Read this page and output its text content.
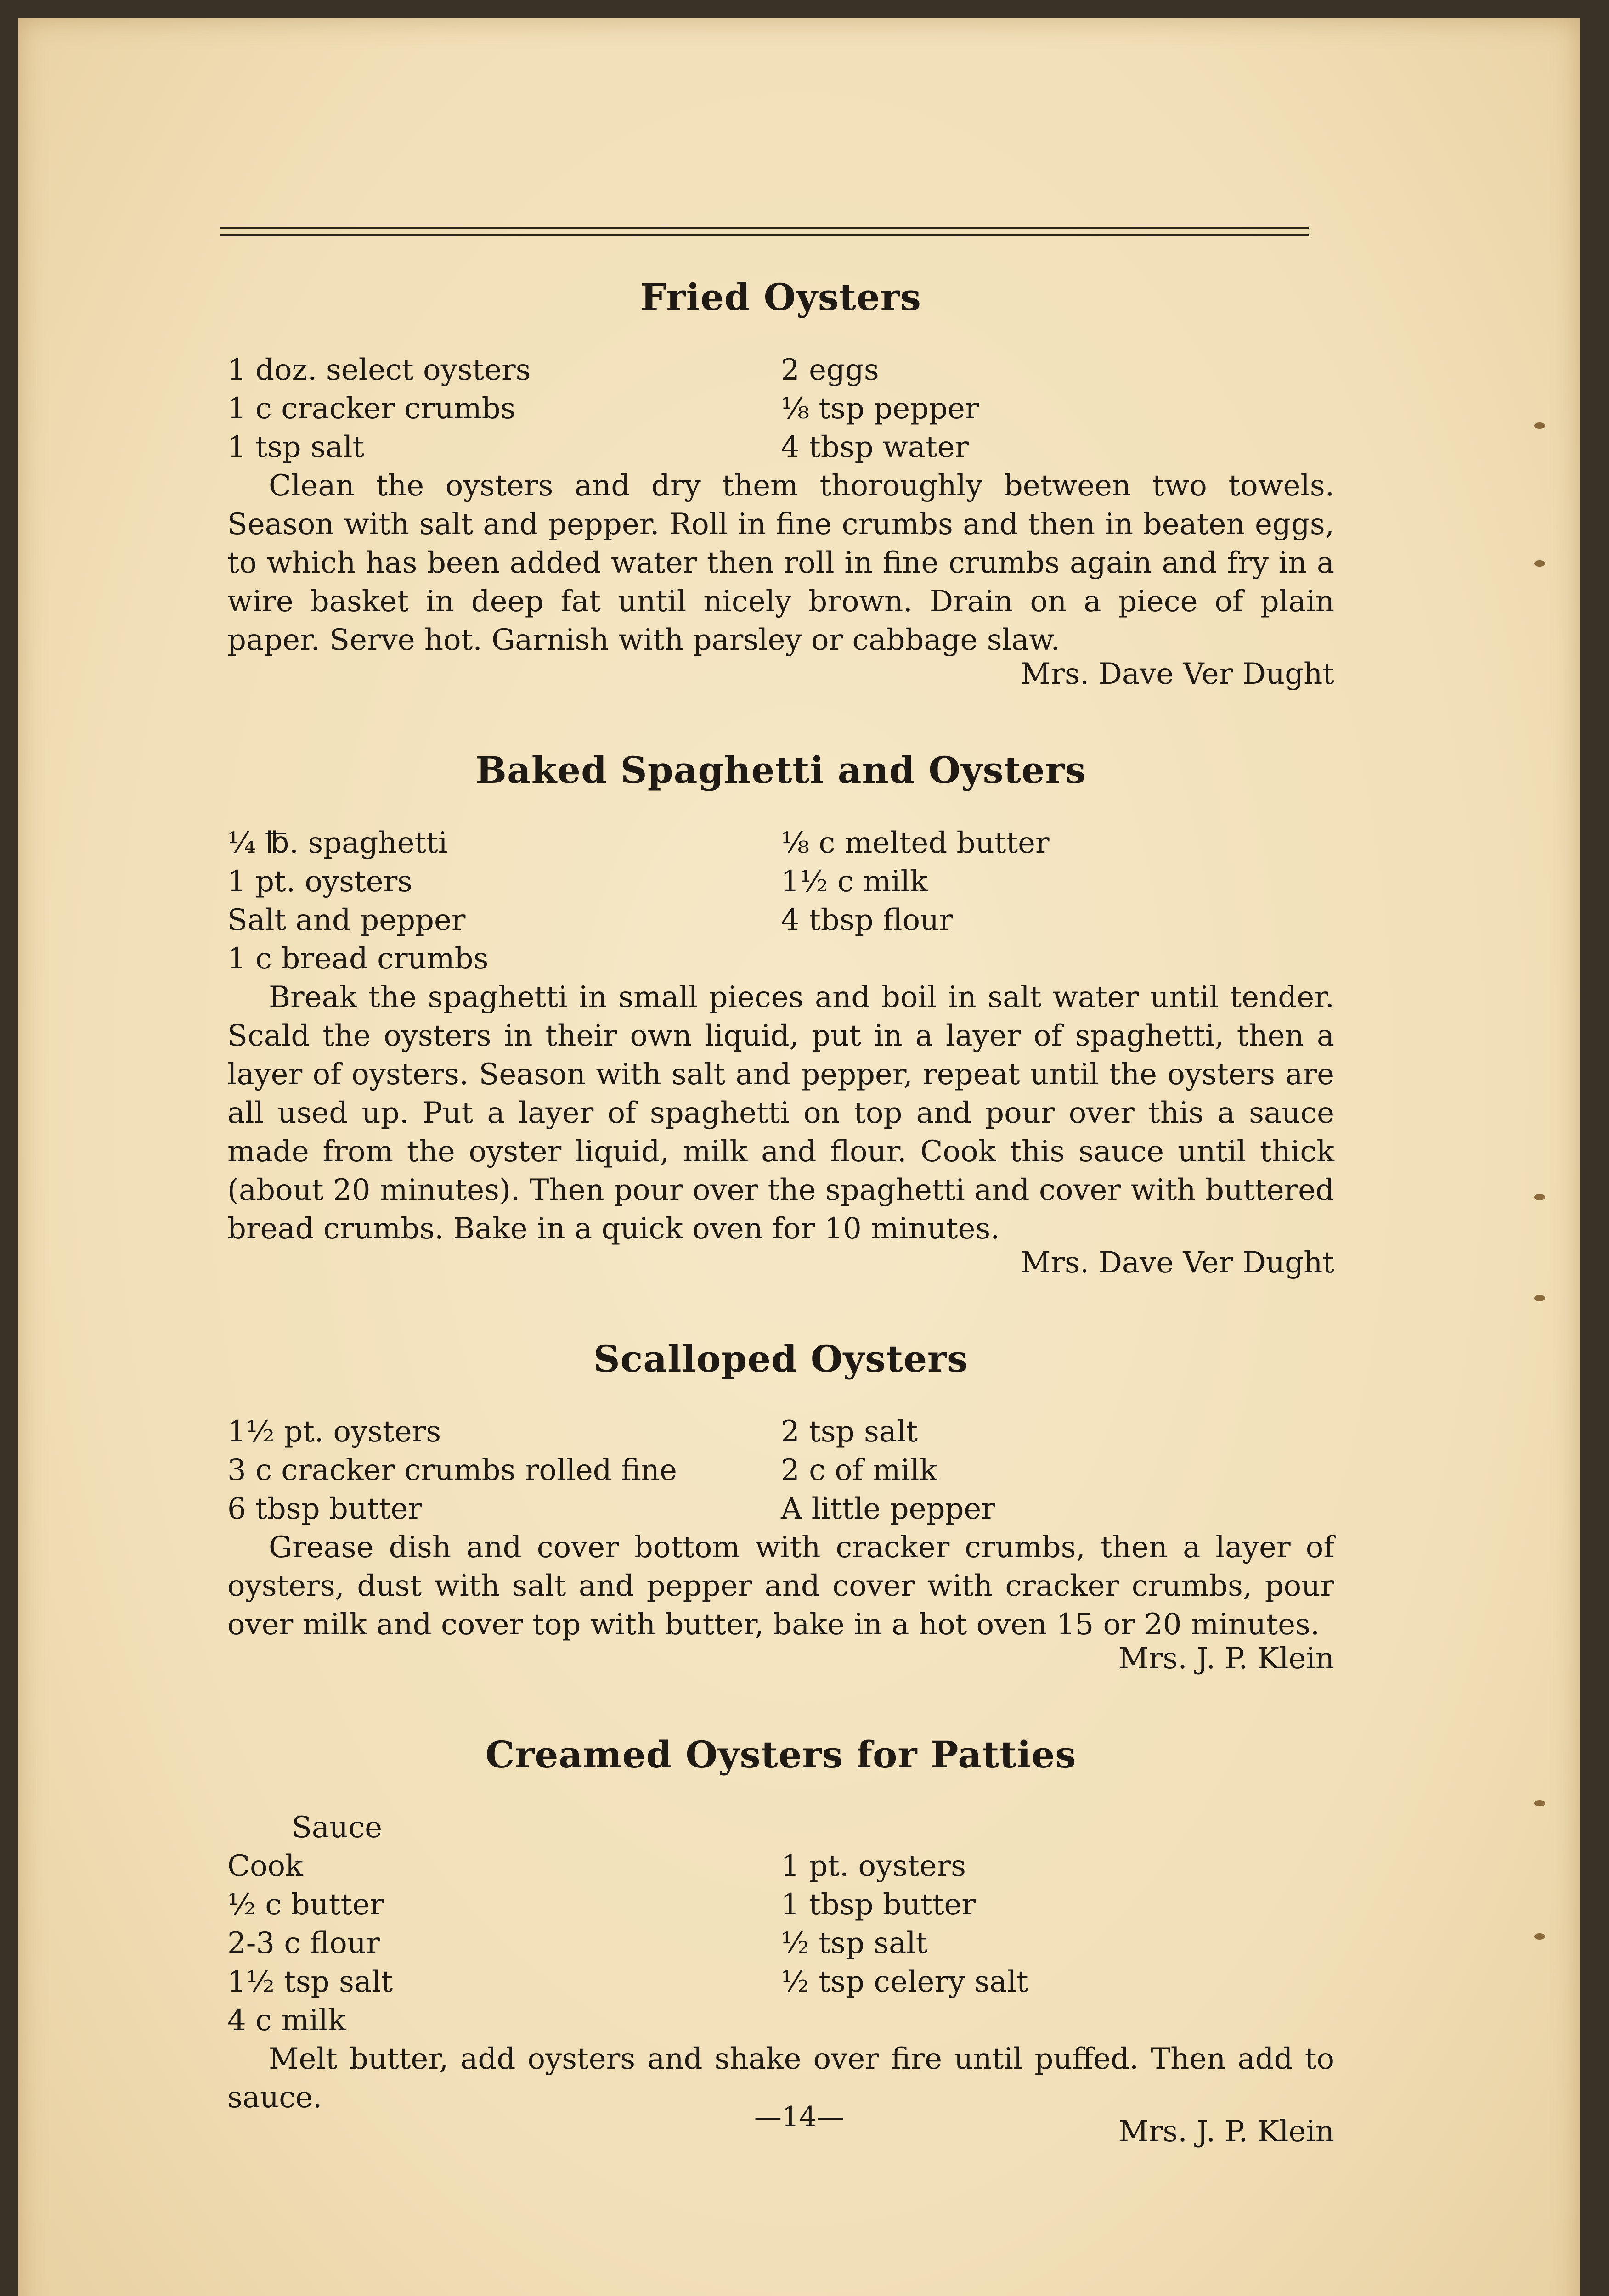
Fried Oysters
1 doz. select oysters
1 c cracker crumbs
1 tsp salt
2 eggs
⅛ tsp pepper
4 tbsp water
Clean the oysters and dry them thoroughly between two towels. Season with salt and pepper. Roll in fine crumbs and then in beaten eggs, to which has been added water then roll in fine crumbs again and fry in a wire basket in deep fat until nicely brown. Drain on a piece of plain paper. Serve hot. Garnish with parsley or cabbage slaw.
Mrs. Dave Ver Dught
Baked Spaghetti and Oysters
¼ ℔. spaghetti
1 pt. oysters
Salt and pepper
1 c bread crumbs
⅛ c melted butter
1½ c milk
4 tbsp flour
Break the spaghetti in small pieces and boil in salt water until tender. Scald the oysters in their own liquid, put in a layer of spaghetti, then a layer of oysters. Season with salt and pepper, repeat until the oysters are all used up. Put a layer of spaghetti on top and pour over this a sauce made from the oyster liquid, milk and flour. Cook this sauce until thick (about 20 minutes). Then pour over the spaghetti and cover with buttered bread crumbs. Bake in a quick oven for 10 minutes.
Mrs. Dave Ver Dught
Scalloped Oysters
1½ pt. oysters
3 c cracker crumbs rolled fine
6 tbsp butter
2 tsp salt
2 c of milk
A little pepper
Grease dish and cover bottom with cracker crumbs, then a layer of oysters, dust with salt and pepper and cover with cracker crumbs, pour over milk and cover top with butter, bake in a hot oven 15 or 20 minutes.
Mrs. J. P. Klein
Creamed Oysters for Patties
Sauce
Cook
½ c butter
2-3 c flour
1½ tsp salt
4 c milk
1 pt. oysters
1 tbsp butter
½ tsp salt
½ tsp celery salt
Melt butter, add oysters and shake over fire until puffed. Then add to sauce.
Mrs. J. P. Klein
—14—
